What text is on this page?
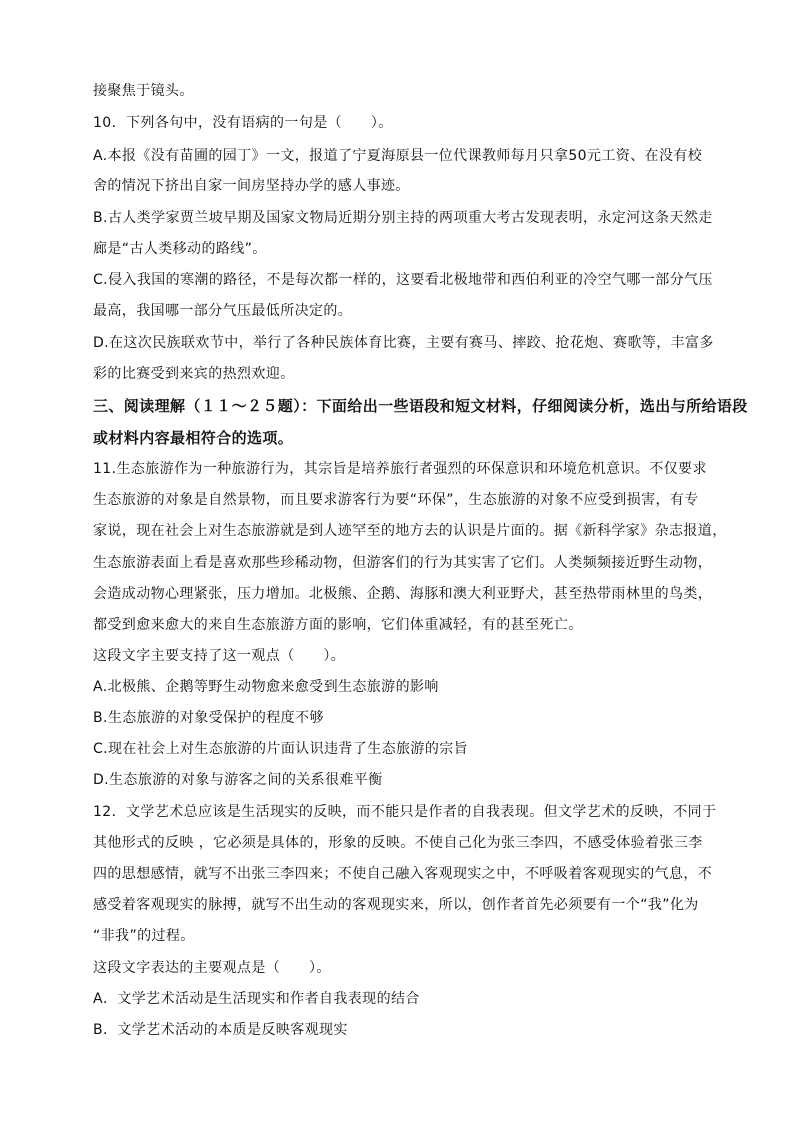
接聚焦于镜头。
10．下列各句中，没有语病的一句是（　　）。
A.本报《没有苗圃的园丁》一文，报道了宁夏海原县一位代课教师每月只拿50元工资、在没有校
舍的情况下挤出自家一间房坚持办学的感人事迹。
B.古人类学家贾兰坡早期及国家文物局近期分别主持的两项重大考古发现表明，永定河这条天然走
廊是“古人类移动的路线”。
C.侵入我国的寒潮的路径，不是每次都一样的，这要看北极地带和西伯利亚的冷空气哪一部分气压
最高，我国哪一部分气压最低所决定的。
D.在这次民族联欢节中，举行了各种民族体育比赛，主要有赛马、摔跤、抢花炮、赛歌等，丰富多
彩的比赛受到来宾的热烈欢迎。
三、阅读理解（１１～２５题）：下面给出一些语段和短文材料，仔细阅读分析，选出与所给语段
或材料内容最相符合的选项。
11.生态旅游作为一种旅游行为，其宗旨是培养旅行者强烈的环保意识和环境危机意识。不仅要求
生态旅游的对象是自然景物，而且要求游客行为要“环保”，生态旅游的对象不应受到损害，有专
家说，现在社会上对生态旅游就是到人迹罕至的地方去的认识是片面的。据《新科学家》杂志报道，
生态旅游表面上看是喜欢那些珍稀动物，但游客们的行为其实害了它们。人类频频接近野生动物，
会造成动物心理紧张，压力增加。北极熊、企鹅、海豚和澳大利亚野犬，甚至热带雨林里的鸟类，
都受到愈来愈大的来自生态旅游方面的影响，它们体重减轻，有的甚至死亡。
这段文字主要支持了这一观点（　　）。
A.北极熊、企鹅等野生动物愈来愈受到生态旅游的影响
B.生态旅游的对象受保护的程度不够
C.现在社会上对生态旅游的片面认识违背了生态旅游的宗旨
D.生态旅游的对象与游客之间的关系很难平衡
12．文学艺术总应该是生活现实的反映，而不能只是作者的自我表现。但文学艺术的反映，不同于
其他形式的反映 ，它必须是具体的，形象的反映。不使自己化为张三李四，不感受体验着张三李
四的思想感情，就写不出张三李四来；不使自己融入客观现实之中，不呼吸着客观现实的气息，不
感受着客观现实的脉搏，就写不出生动的客观现实来，所以，创作者首先必须要有一个“我”化为
“非我”的过程。
这段文字表达的主要观点是（　　）。
A．文学艺术活动是生活现实和作者自我表现的结合
B．文学艺术活动的本质是反映客观现实
